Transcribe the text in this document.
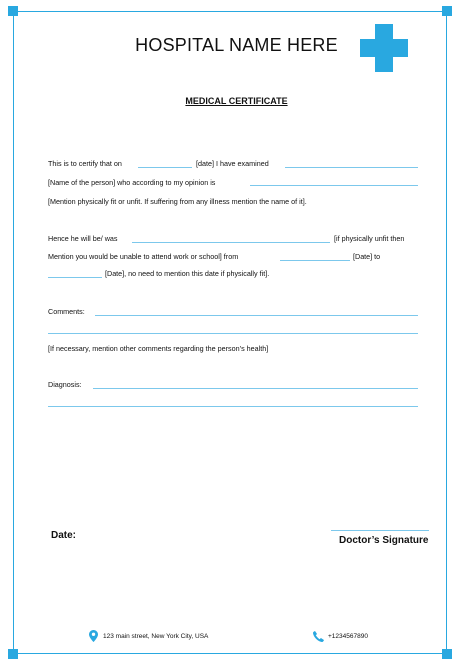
HOSPITAL NAME HERE
MEDICAL CERTIFICATE
This is to certify that on	[date] I have examined
[Name of the person] who according to my opinion is
[Mention physically fit or unfit. If suffering from any illness mention the name of it].
Hence he will be/ was	[if physically unfit then
Mention you would be unable to attend work or school] from	[Date] to
[Date], no need to mention this date if physically fit].
Comments:
[If necessary, mention other comments regarding the person’s health]
Diagnosis:
Date:	Doctor’s Signature
123 main street, New York City, USA	+1234567890
